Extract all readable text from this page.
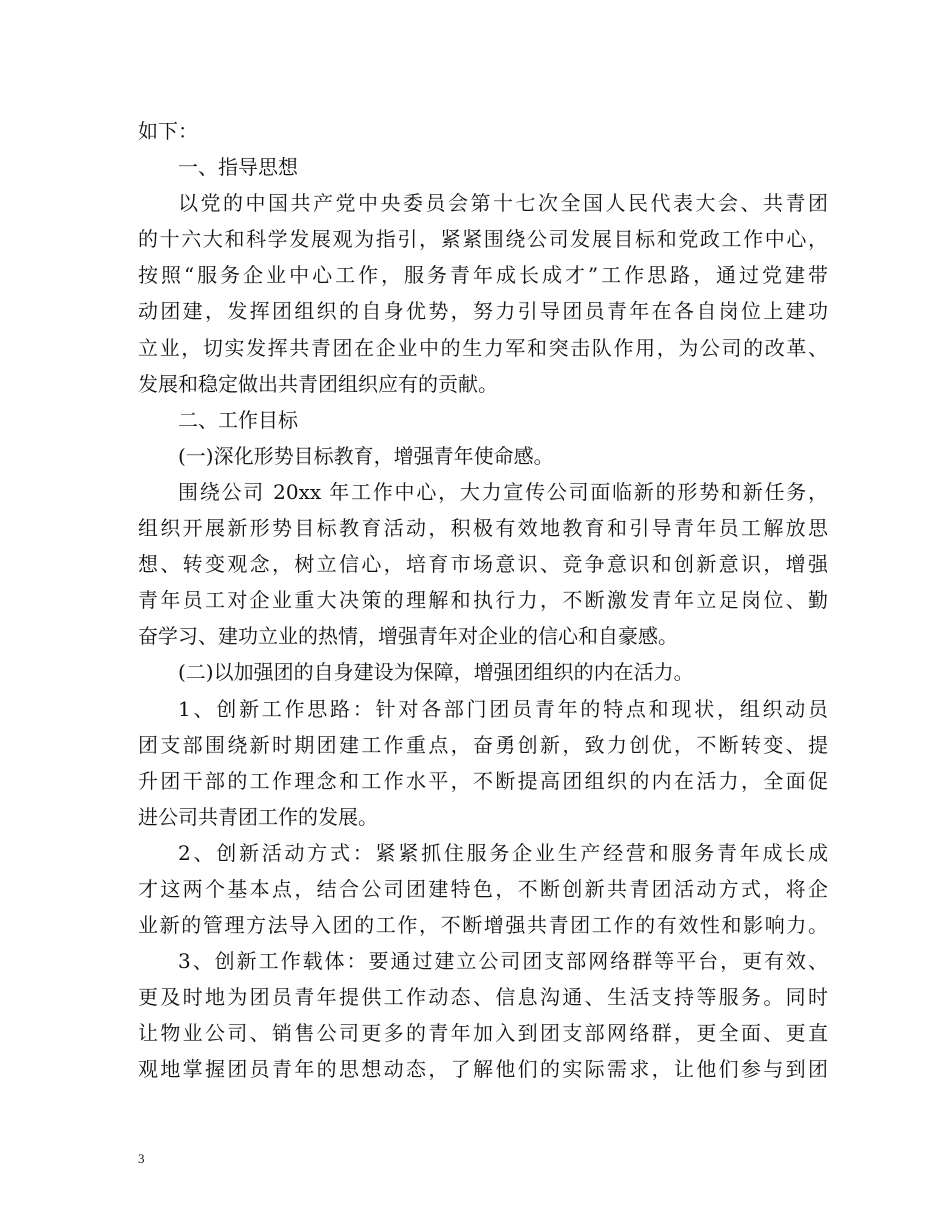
如下：
一、指导思想
以党的中国共产党中央委员会第十七次全国人民代表大会、共青团
的十六大和科学发展观为指引，紧紧围绕公司发展目标和党政工作中心，
按照“服务企业中心工作，服务青年成长成才”工作思路，通过党建带
动团建，发挥团组织的自身优势，努力引导团员青年在各自岗位上建功
立业，切实发挥共青团在企业中的生力军和突击队作用，为公司的改革、
发展和稳定做出共青团组织应有的贡献。
二、工作目标
(一)深化形势目标教育，增强青年使命感。
围绕公司 20xx 年工作中心，大力宣传公司面临新的形势和新任务，
组织开展新形势目标教育活动，积极有效地教育和引导青年员工解放思
想、转变观念，树立信心，培育市场意识、竞争意识和创新意识，增强
青年员工对企业重大决策的理解和执行力，不断激发青年立足岗位、勤
奋学习、建功立业的热情，增强青年对企业的信心和自豪感。
(二)以加强团的自身建设为保障，增强团组织的内在活力。
1、创新工作思路：针对各部门团员青年的特点和现状，组织动员
团支部围绕新时期团建工作重点，奋勇创新，致力创优，不断转变、提
升团干部的工作理念和工作水平，不断提高团组织的内在活力，全面促
进公司共青团工作的发展。
2、创新活动方式：紧紧抓住服务企业生产经营和服务青年成长成
才这两个基本点，结合公司团建特色，不断创新共青团活动方式，将企
业新的管理方法导入团的工作，不断增强共青团工作的有效性和影响力。
3、创新工作载体：要通过建立公司团支部网络群等平台，更有效、
更及时地为团员青年提供工作动态、信息沟通、生活支持等服务。同时
让物业公司、销售公司更多的青年加入到团支部网络群，更全面、更直
观地掌握团员青年的思想动态，了解他们的实际需求，让他们参与到团
3
